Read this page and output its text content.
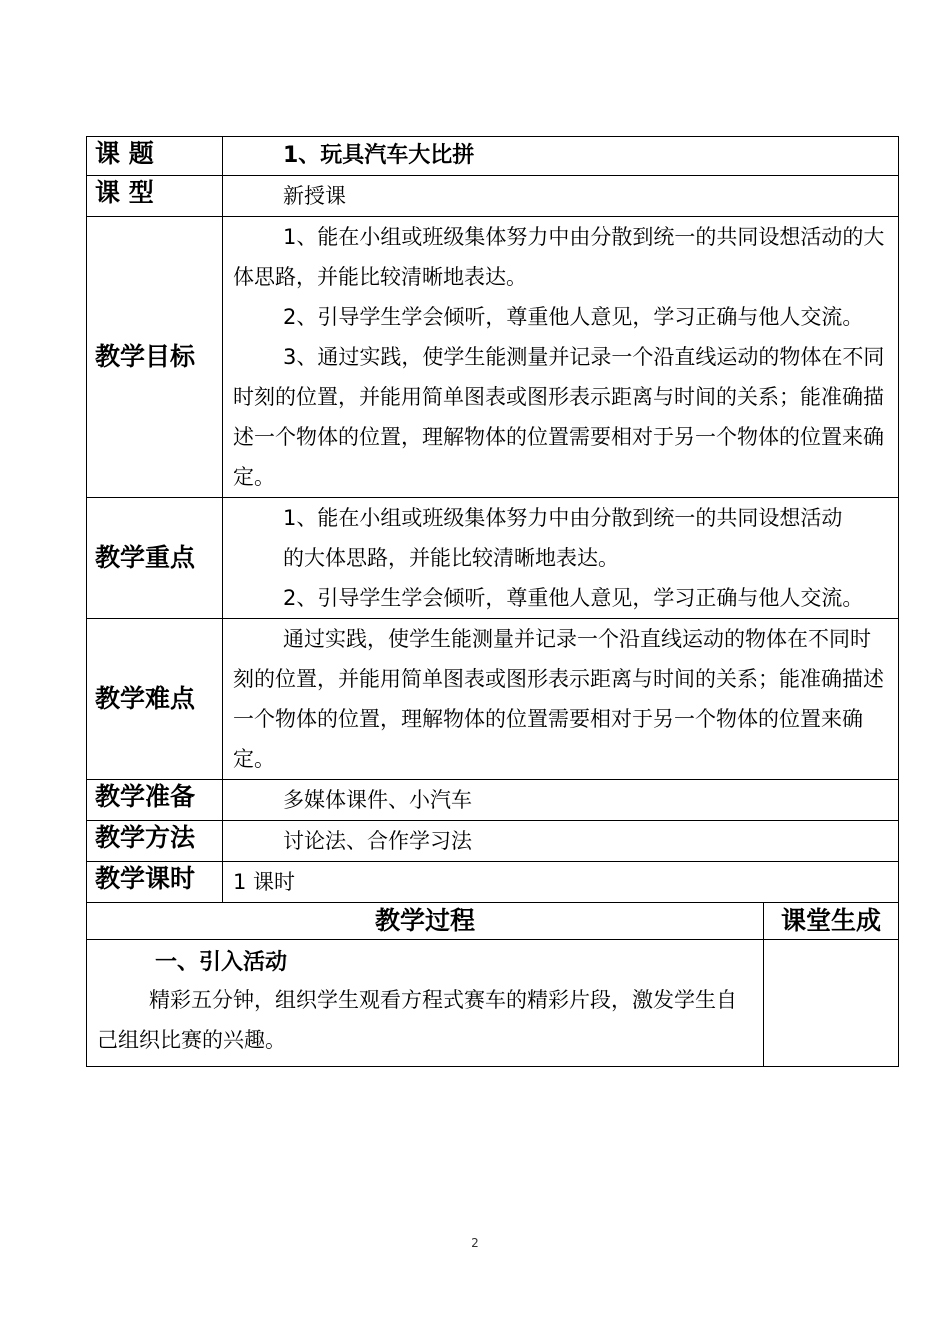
课 题	1、玩具汽车大比拼	
课 型	新授课	
教学目标	1、能在小组或班级集体努力中由分散到统一的共同设想活动的大体思路，并能比较清晰地表达。

2、引导学生学会倾听，尊重他人意见，学习正确与他人交流。

3、通过实践，使学生能测量并记录一个沿直线运动的物体在不同时刻的位置，并能用简单图表或图形表示距离与时间的关系；能准确描述一个物体的位置，理解物体的位置需要相对于另一个物体的位置来确定。	

教学重点	1、能在小组或班级集体努力中由分散到统一的共同设想活动

的大体思路，并能比较清晰地表达。

2、引导学生学会倾听，尊重他人意见，学习正确与他人交流。	

教学难点	通过实践，使学生能测量并记录一个沿直线运动的物体在不同时刻的位置，并能用简单图表或图形表示距离与时间的关系；能准确描述一个物体的位置，理解物体的位置需要相对于另一个物体的位置来确定。	

教学准备	多媒体课件、小汽车	
教学方法	讨论法、合作学习法	
教学课时	1 课时	
教学过程		课堂生成

一、引入活动

精彩五分钟，组织学生观看方程式赛车的精彩片段，激发学生自己组织比赛的兴趣。		

2
